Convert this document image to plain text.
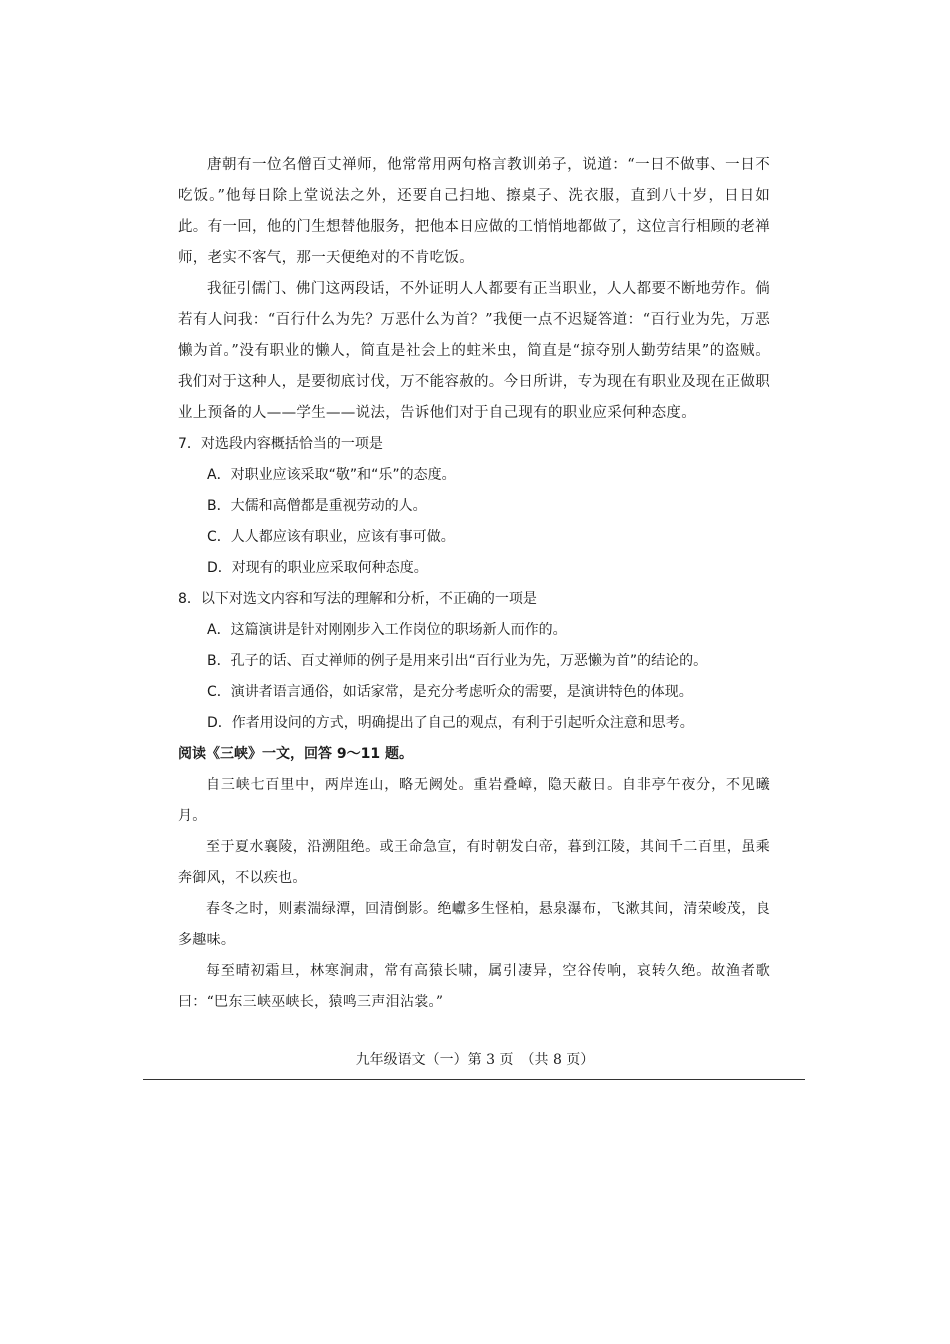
唐朝有一位名僧百丈禅师，他常常用两句格言教训弟子，说道：“一日不做事、一日不吃饭。”他每日除上堂说法之外，还要自己扫地、擦桌子、洗衣服，直到八十岁，日日如此。有一回，他的门生想替他服务，把他本日应做的工悄悄地都做了，这位言行相顾的老禅师，老实不客气，那一天便绝对的不肯吃饭。

我征引儒门、佛门这两段话，不外证明人人都要有正当职业，人人都要不断地劳作。倘若有人问我：“百行什么为先？万恶什么为首？”我便一点不迟疑答道：“百行业为先，万恶懒为首。”没有职业的懒人，简直是社会上的蛀米虫，简直是“掠夺别人勤劳结果”的盗贼。我们对于这种人，是要彻底讨伐，万不能容赦的。今日所讲，专为现在有职业及现在正做职业上预备的人——学生——说法，告诉他们对于自己现有的职业应采何种态度。

7．对选段内容概括恰当的一项是

A．对职业应该采取“敬”和“乐”的态度。

B．大儒和高僧都是重视劳动的人。

C．人人都应该有职业，应该有事可做。

D．对现有的职业应采取何种态度。

8．以下对选文内容和写法的理解和分析，不正确的一项是

A．这篇演讲是针对刚刚步入工作岗位的职场新人而作的。

B．孔子的话、百丈禅师的例子是用来引出“百行业为先，万恶懒为首”的结论的。

C．演讲者语言通俗，如话家常，是充分考虑听众的需要，是演讲特色的体现。

D．作者用设问的方式，明确提出了自己的观点，有利于引起听众注意和思考。

阅读《三峡》一文，回答 9～11 题。

自三峡七百里中，两岸连山，略无阙处。重岩叠嶂，隐天蔽日。自非亭午夜分，不见曦月。

至于夏水襄陵，沿溯阻绝。或王命急宣，有时朝发白帝，暮到江陵，其间千二百里，虽乘奔御风，不以疾也。

春冬之时，则素湍绿潭，回清倒影。绝巘多生怪柏，悬泉瀑布，飞漱其间，清荣峻茂，良多趣味。

每至晴初霜旦，林寒涧肃，常有高猿长啸，属引凄异，空谷传响，哀转久绝。故渔者歌曰：“巴东三峡巫峡长，猿鸣三声泪沾裳。”

九年级语文（一）第 3 页　（共 8 页）
